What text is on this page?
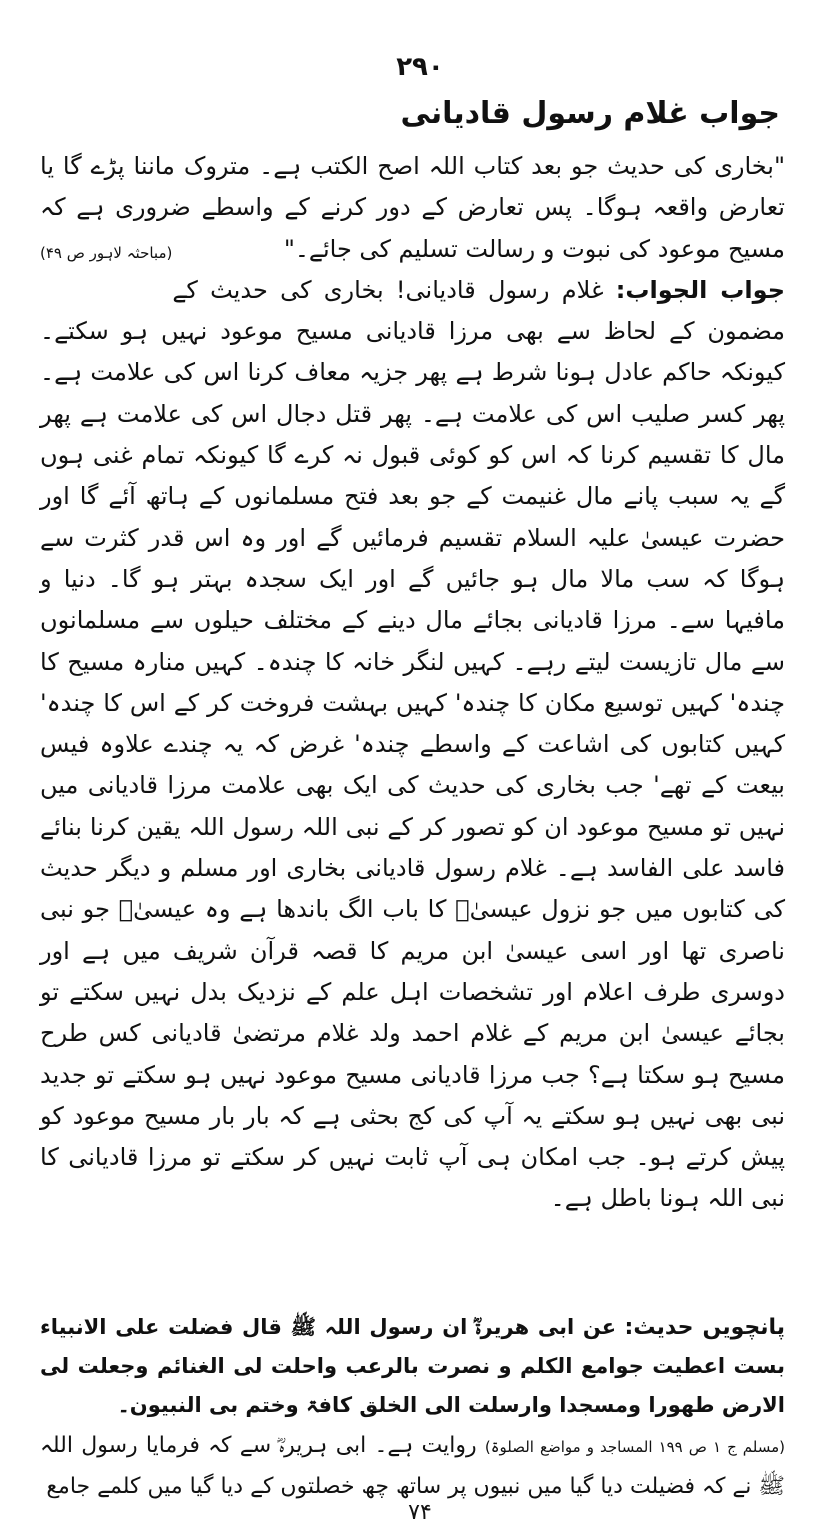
۲۹۰
جواب غلام رسول قادیانی

"بخاری کی حدیث جو بعد کتاب اللہ اصح الکتب ہے۔ متروک ماننا پڑے گا یا تعارض واقعہ ہوگا۔ پس تعارض کے دور کرنے کے واسطے ضروری ہے کہ مسیح موعود کی نبوت و رسالت تسلیم کی جائے۔"
(مباحثہ لاہور ص ۴۹)

جواب الجواب: غلام رسول قادیانی! بخاری کی حدیث کے مضمون کے لحاظ سے بھی مرزا قادیانی مسیح موعود نہیں ہو سکتے۔ کیونکہ حاکم عادل ہونا شرط ہے پھر جزیہ معاف کرنا اس کی علامت ہے۔ پھر کسر صلیب اس کی علامت ہے۔ پھر قتل دجال اس کی علامت ہے پھر مال کا تقسیم کرنا کہ اس کو کوئی قبول نہ کرے گا کیونکہ تمام غنی ہوں گے یہ سبب پانے مال غنیمت کے جو بعد فتح مسلمانوں کے ہاتھ آئے گا اور حضرت عیسیٰ علیہ السلام تقسیم فرمائیں گے اور وہ اس قدر کثرت سے ہوگا کہ سب مالا مال ہو جائیں گے اور ایک سجدہ بہتر ہو گا۔ دنیا و مافیہا سے۔ مرزا قادیانی بجائے مال دینے کے مختلف حیلوں سے مسلمانوں سے مال تازیست لیتے رہے۔ کہیں لنگر خانہ کا چندہ۔ کہیں منارہ مسیح کا چندہ' کہیں توسیع مکان کا چندہ' کہیں بہشت فروخت کر کے اس کا چندہ' کہیں کتابوں کی اشاعت کے واسطے چندہ' غرض کہ یہ چندے علاوہ فیس بیعت کے تھے' جب بخاری کی حدیث کی ایک بھی علامت مرزا قادیانی میں نہیں تو مسیح موعود ان کو تصور کر کے نبی اللہ رسول اللہ یقین کرنا بنائے فاسد علی الفاسد ہے۔ غلام رسول قادیانی بخاری اور مسلم و دیگر حدیث کی کتابوں میں جو نزول عیسیٰؑ کا باب الگ باندھا ہے وہ عیسیٰؑ جو نبی ناصری تھا اور اسی عیسیٰ ابن مریم کا قصہ قرآن شریف میں ہے اور دوسری طرف اعلام اور تشخصات اہل علم کے نزدیک بدل نہیں سکتے تو بجائے عیسیٰ ابن مریم کے غلام احمد ولد غلام مرتضیٰ قادیانی کس طرح مسیح ہو سکتا ہے؟ جب مرزا قادیانی مسیح موعود نہیں ہو سکتے تو جدید نبی بھی نہیں ہو سکتے یہ آپ کی کج بحثی ہے کہ بار بار مسیح موعود کو پیش کرتے ہو۔ جب امکان ہی آپ ثابت نہیں کر سکتے تو مرزا قادیانی کا نبی اللہ ہونا باطل ہے۔

پانچویں حدیث: عن ابی ھریرۃؓ ان رسول اللہ ﷺ قال فضلت علی الانبیاء بست اعطیت جوامع الکلم و نصرت بالرعب واحلت لی الغنائم وجعلت لی الارض طھورا ومسجدا وارسلت الی الخلق کافۃ وختم بی النبیون۔
(مسلم ج ۱ ص ۱۹۹ المساجد و مواضع الصلوۃ) روایت ہے۔ ابی ہریرہؓ سے کہ فرمایا رسول اللہ ﷺ نے کہ فضیلت دیا گیا میں نبیوں پر ساتھ چھ خصلتوں کے دیا گیا میں کلمے جامع
۷۴
